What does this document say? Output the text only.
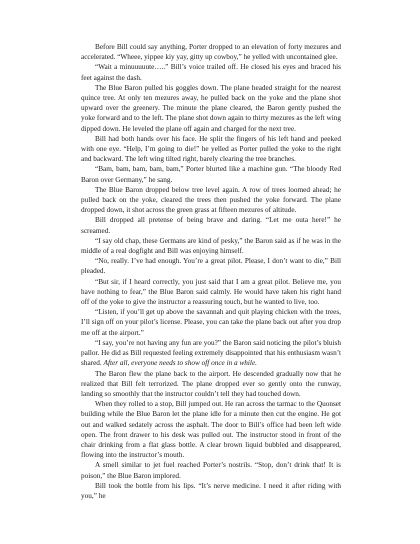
Before Bill could say anything, Porter dropped to an elevation of forty mezures and accelerated. “Wheee, yippee kiy yay, gitty up cowboy,” he yelled with uncontained glee.

“Wait a minuuuuute…..” Bill’s voice trailed off. He closed his eyes and braced his feet against the dash.

The Blue Baron pulled his goggles down. The plane headed straight for the nearest quince tree. At only ten mezures away, he pulled back on the yoke and the plane shot upward over the greenery. The minute the plane cleared, the Baron gently pushed the yoke forward and to the left. The plane shot down again to thirty mezures as the left wing dipped down. He leveled the plane off again and charged for the next tree.

Bill had both hands over his face. He split the fingers of his left hand and peeked with one eye. “Help, I’m going to die!” he yelled as Porter pulled the yoke to the right and backward. The left wing tilted right, barely clearing the tree branches.

“Bam, bam, bam, bam, bam,” Porter blurted like a machine gun. “The bloody Red Baron over Germany,” he sang.

The Blue Baron dropped below tree level again. A row of trees loomed ahead; he pulled back on the yoke, cleared the trees then pushed the yoke forward. The plane dropped down, it shot across the green grass at fifteen mezures of altitude.

Bill dropped all pretense of being brave and daring. “Let me outa here!” he screamed.

“I say old chap, these Germans are kind of pesky,” the Baron said as if he was in the middle of a real dogfight and Bill was enjoying himself.

“No, really. I’ve had enough. You’re a great pilot. Please, I don’t want to die,” Bill pleaded.

“But sir, if I heard correctly, you just said that I am a great pilot. Believe me, you have nothing to fear,” the Blue Baron said calmly. He would have taken his right hand off of the yoke to give the instructor a reassuring touch, but he wanted to live, too.

“Listen, if you’ll get up above the savannah and quit playing chicken with the trees, I’ll sign off on your pilot’s license. Please, you can take the plane back out after you drop me off at the airport.”

“I say, you’re not having any fun are you?” the Baron said noticing the pilot’s bluish pallor. He did as Bill requested feeling extremely disappointed that his enthusiasm wasn’t shared. After all, everyone needs to show off once in a while.

The Baron flew the plane back to the airport. He descended gradually now that he realized that Bill felt terrorized. The plane dropped ever so gently onto the runway, landing so smoothly that the instructor couldn’t tell they had touched down.

When they rolled to a stop, Bill jumped out. He ran across the tarmac to the Quonset building while the Blue Baron let the plane idle for a minute then cut the engine. He got out and walked sedately across the asphalt. The door to Bill’s office had been left wide open. The front drawer to his desk was pulled out. The instructor stood in front of the chair drinking from a flat glass bottle. A clear brown liquid bubbled and disappeared, flowing into the instructor’s mouth.

A smell similar to jet fuel reached Porter’s nostrils. “Stop, don’t drink that! It is poison,” the Blue Baron implored.

Bill took the bottle from his lips. “It’s nerve medicine. I need it after riding with you,” he
